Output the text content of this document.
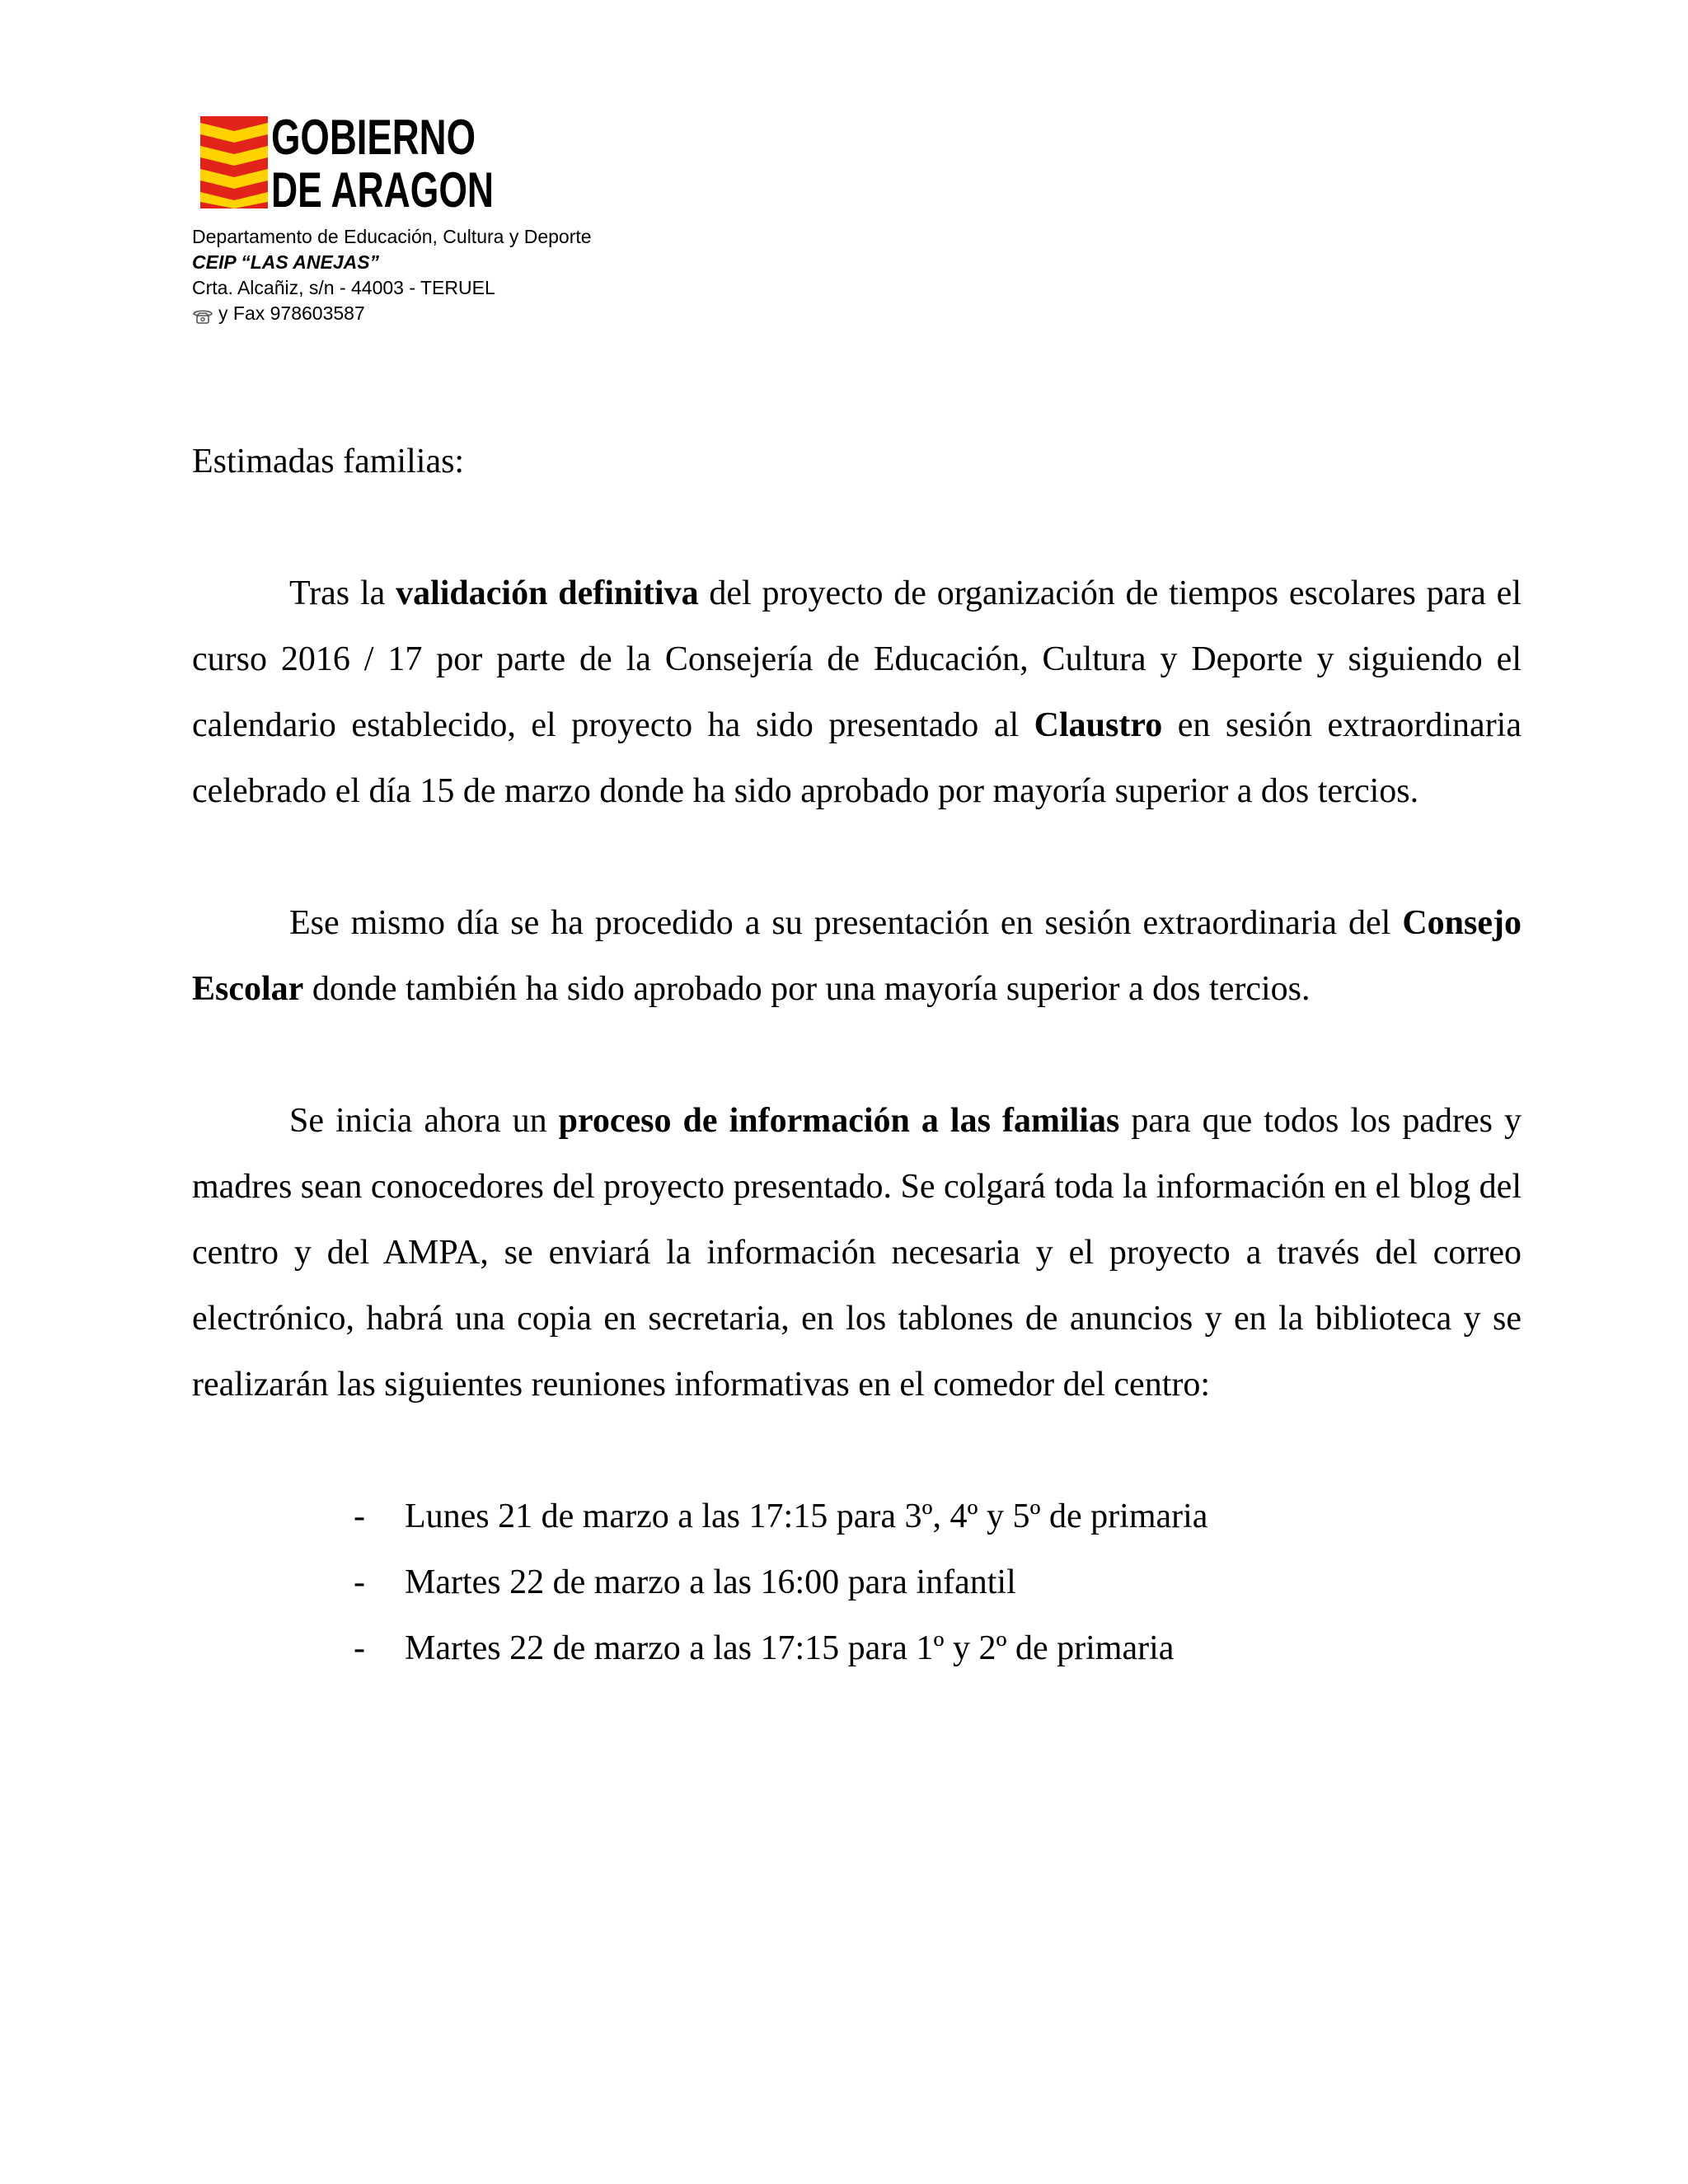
GOBIERNO
DE ARAGON
Departamento de Educación, Cultura y Deporte
CEIP “LAS ANEJAS”
Crta. Alcañiz, s/n - 44003 - TERUEL
y Fax 978603587

Estimadas familias:

Tras la validación definitiva del proyecto de organización de tiempos escolares para el curso 2016 / 17 por parte de la Consejería de Educación, Cultura y Deporte y siguiendo el calendario establecido, el proyecto ha sido presentado al Claustro en sesión extraordinaria celebrado el día 15 de marzo donde ha sido aprobado por mayoría superior a dos tercios.

Ese mismo día se ha procedido a su presentación en sesión extraordinaria del Consejo Escolar donde también ha sido aprobado por una mayoría superior a dos tercios.

Se inicia ahora un proceso de información a las familias para que todos los padres y madres sean conocedores del proyecto presentado. Se colgará toda la información en el blog del centro y del AMPA, se enviará la información necesaria y el proyecto a través del correo electrónico, habrá una copia en secretaria, en los tablones de anuncios y en la biblioteca y se realizarán las siguientes reuniones informativas en el comedor del centro:

-	Lunes 21 de marzo a las 17:15 para 3º, 4º y 5º de primaria
-	Martes 22 de marzo a las 16:00 para infantil
-	Martes 22 de marzo a las 17:15 para 1º y 2º de primaria
